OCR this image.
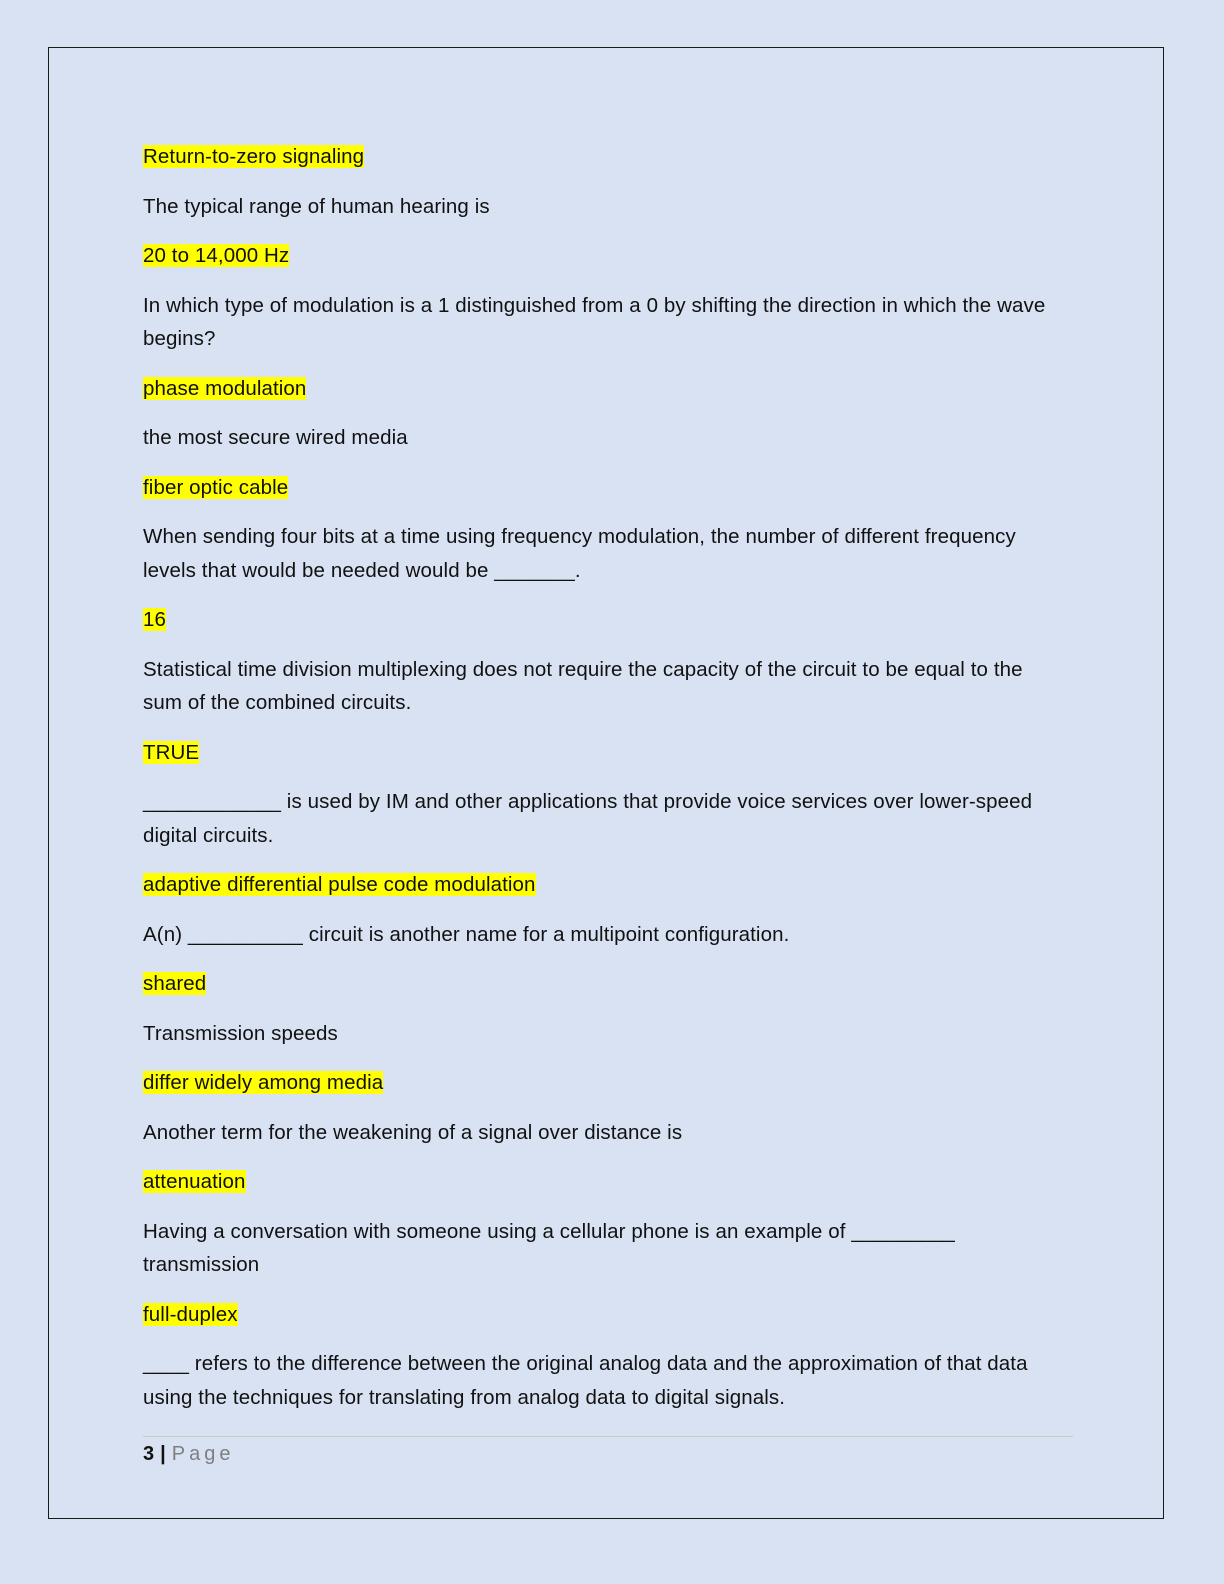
Return-to-zero signaling
The typical range of human hearing is
20 to 14,000 Hz
In which type of modulation is a 1 distinguished from a 0 by shifting the direction in which the wave begins?
phase modulation
the most secure wired media
fiber optic cable
When sending four bits at a time using frequency modulation, the number of different frequency levels that would be needed would be _______.
16
Statistical time division multiplexing does not require the capacity of the circuit to be equal to the sum of the combined circuits.
TRUE
____________ is used by IM and other applications that provide voice services over lower-speed digital circuits.
adaptive differential pulse code modulation
A(n) __________ circuit is another name for a multipoint configuration.
shared
Transmission speeds
differ widely among media
Another term for the weakening of a signal over distance is
attenuation
Having a conversation with someone using a cellular phone is an example of _________ transmission
full-duplex
____ refers to the difference between the original analog data and the approximation of that data using the techniques for translating from analog data to digital signals.
3 | Page
